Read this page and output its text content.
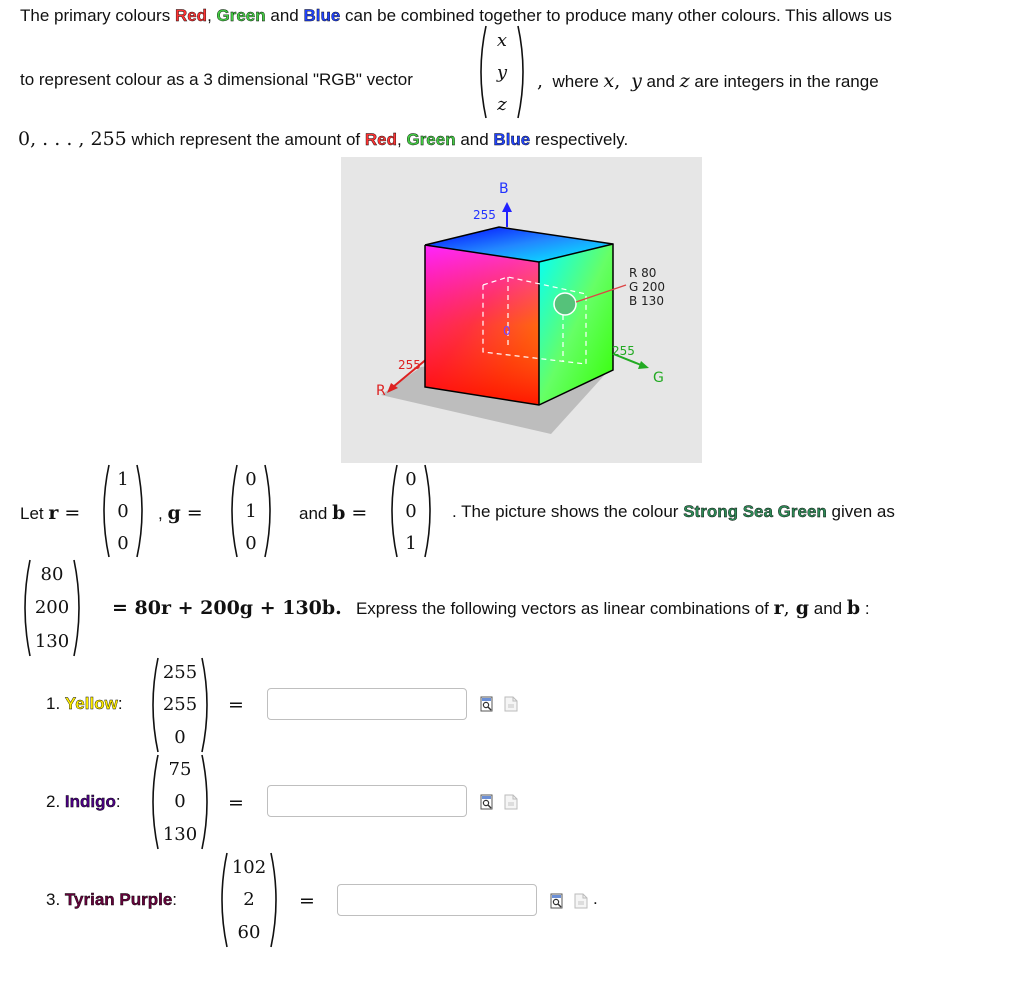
The primary colours Red, Green and Blue can be combined together to produce many other colours. This allows us
to represent colour as a 3 dimensional "RGB" vector
x
y
z
, where x,  y and z are integers in the range
0, . . . , 255 which represent the amount of Red, Green and Blue respectively.
B
255
R
255
G
255
0
R 80
G 200
B 130
Let r =
1
0
0
, g =
0
1
0
and b =
0
0
1
. The picture shows the colour Strong Sea Green given as
80
200
130
= 80r + 200g + 130b. Express the following vectors as linear combinations of r, g and b :
1. Yellow:
255
255
0
=
2. Indigo:
75
0
130
=
3. Tyrian Purple:
102
2
60
=	.
